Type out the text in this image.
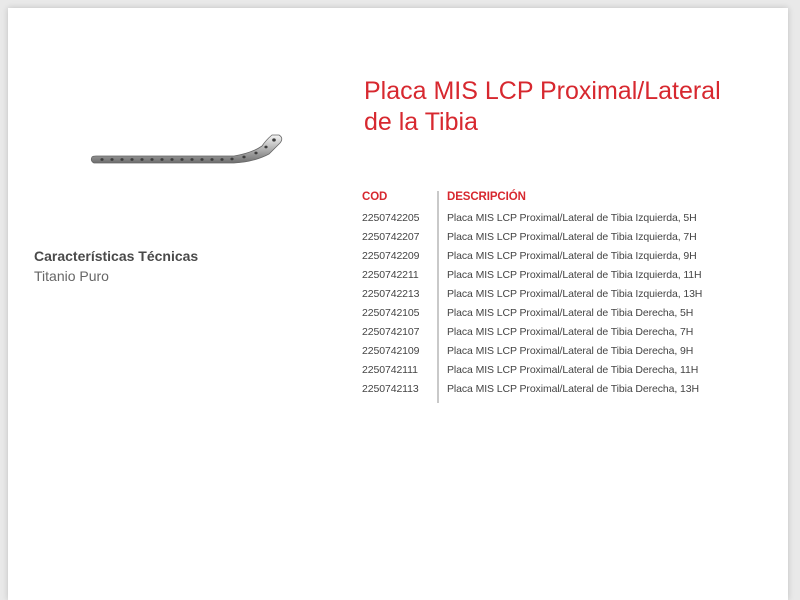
Placa MIS LCP Proximal/Lateral
de la Tibia
Características Técnicas
Titanio Puro
COD	DESCRIPCIÓN
2250742205	Placa MIS LCP Proximal/Lateral de Tibia Izquierda, 5H
2250742207	Placa MIS LCP Proximal/Lateral de Tibia Izquierda, 7H
2250742209	Placa MIS LCP Proximal/Lateral de Tibia Izquierda, 9H
2250742211	Placa MIS LCP Proximal/Lateral de Tibia Izquierda, 11H
2250742213	Placa MIS LCP Proximal/Lateral de Tibia Izquierda, 13H
2250742105	Placa MIS LCP Proximal/Lateral de Tibia Derecha, 5H
2250742107	Placa MIS LCP Proximal/Lateral de Tibia Derecha, 7H
2250742109	Placa MIS LCP Proximal/Lateral de Tibia Derecha, 9H
2250742111	Placa MIS LCP Proximal/Lateral de Tibia Derecha, 11H
2250742113	Placa MIS LCP Proximal/Lateral de Tibia Derecha, 13H
